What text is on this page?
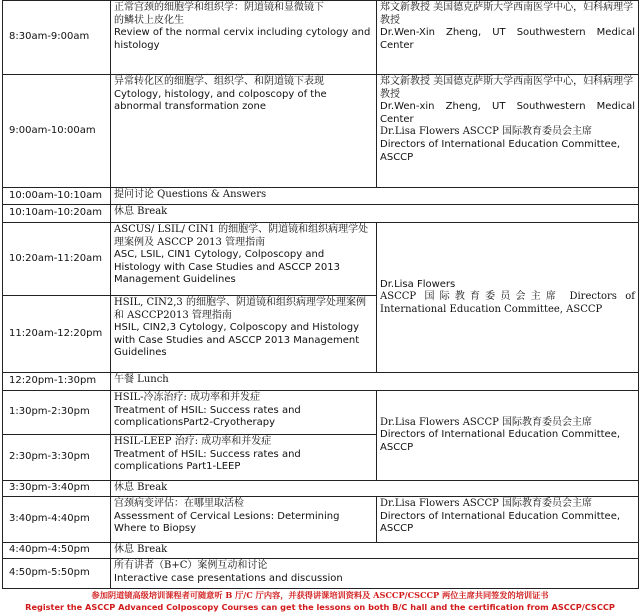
8:30am-9:00am	正常宫颈的细胞学和组织学：阴道镜和显微镜下
的鳞状上皮化生
Review of the normal cervix including cytology and histology	郑文新教授 美国德克萨斯大学西南医学中心，妇科病理学教授
Dr.Wen-Xin Zheng, UT Southwestern Medical Center

9:00am-10:00am	异常转化区的细胞学、组织学、和阴道镜下表现
Cytology, histology, and colposcopy of the abnormal transformation zone	郑文新教授 美国德克萨斯大学西南医学中心，妇科病理学教授
Dr.Wen-xin Zheng, UT Southwestern Medical Center
Dr.Lisa Flowers ASCCP 国际教育委员会主席
Directors of International Education Committee, ASCCP

10:00am-10:10am	提问讨论 Questions & Answers	

10:10am-10:20am	休息 Break	

10:20am-11:20am	ASCUS/ LSIL/ CIN1 的细胞学、阴道镜和组织病理学处理案例及 ASCCP 2013 管理指南
ASC, LSIL, CIN1 Cytology, Colposcopy and Histology with Case Studies and ASCCP 2013 Management Guidelines	Dr.Lisa Flowers
ASCCP 国际教育委员会主席 Directors of International Education Committee, ASCCP

11:20am-12:20pm	HSIL, CIN2,3 的细胞学、阴道镜和组织病理学处理案例和 ASCCP2013 管理指南
HSIL, CIN2,3 Cytology, Colposcopy and Histology with Case Studies and ASCCP 2013 Management Guidelines	

12:20pm-1:30pm	午餐 Lunch	

1:30pm-2:30pm	HSIL-冷冻治疗: 成功率和并发症
Treatment of HSIL: Success rates and complicationsPart2-Cryotherapy	Dr.Lisa Flowers ASCCP 国际教育委员会主席
Directors of International Education Committee, ASCCP

2:30pm-3:30pm	HSIL-LEEP 治疗: 成功率和并发症
Treatment of HSIL: Success rates and complications Part1-LEEP	

3:30pm-3:40pm	休息 Break	

3:40pm-4:40pm	宫颈病变评估：在哪里取活检
Assessment of Cervical Lesions: Determining Where to Biopsy	Dr.Lisa Flowers ASCCP 国际教育委员会主席
Directors of International Education Committee, ASCCP

4:40pm-4:50pm	休息 Break	

4:50pm-5:50pm	所有讲者（B+C）案例互动和讨论
Interactive case presentations and discussion	
参加阴道镜高级培训课程者可随意听 B 厅/C 厅内容，并获得讲课培训资料及 ASCCP/CSCCP 两位主席共同签发的培训证书
Register the ASCCP Advanced Colposcopy Courses can get the lessons on both B/C hall and the certification from ASCCP/CSCCP
